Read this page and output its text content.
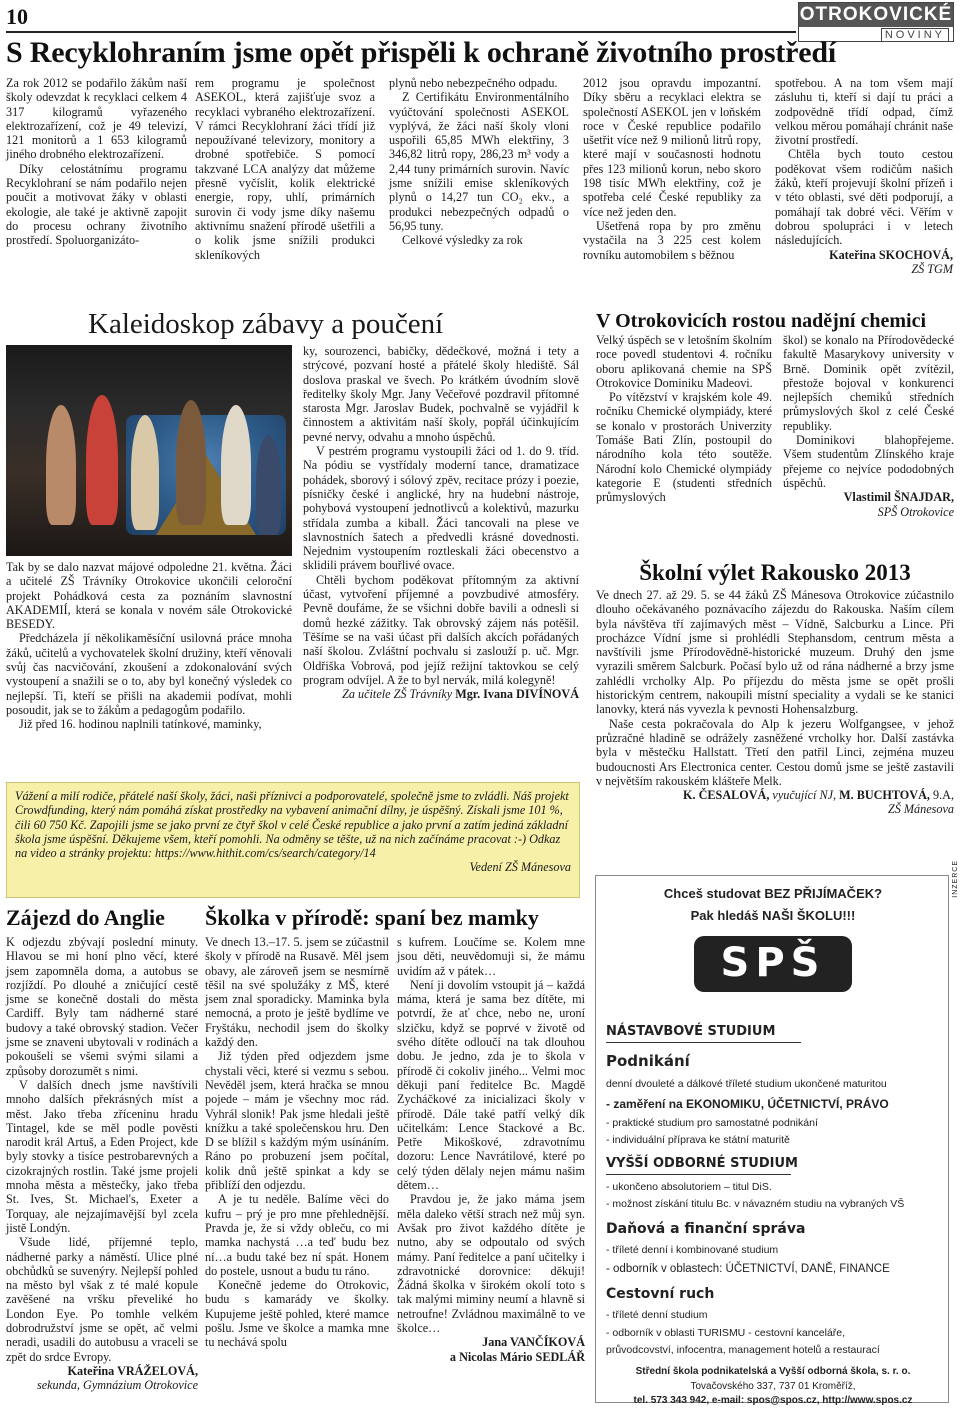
10	OTROKOVICKÉ
NOVINY
S Recyklohraním jsme opět přispěli k ochraně životního prostředí

Za rok 2012 se podařilo žákům naší školy odevzdat k recyklaci celkem 4 317 kilogramů vyřazeného elektrozařízení, což je 49 televizí, 121 monitorů a 1 653 kilogramů jiného drobného elektrozařízení.

Díky celostátnímu programu Recyklohraní se nám podařilo nejen poučit a motivovat žáky v oblasti ekologie, ale také je aktivně zapojit do procesu ochrany životního prostředí. Spoluorganizáto-

rem programu je společnost ASEKOL, která zajišťuje svoz a recyklaci vybraného elektrozařízení. V rámci Recyklohraní žáci třídí již nepoužívané televizory, monitory a drobné spotřebiče. S pomocí takzvané LCA analýzy dat můžeme přesně vyčíslit, kolik elektrické energie, ropy, uhlí, primárních surovin či vody jsme díky našemu aktivnímu snažení přírodě ušetřili a o kolik jsme snížili produkci skleníkových

plynů nebo nebezpečného odpadu.

Z Certifikátu Environmentálního vyúčtování společnosti ASEKOL vyplývá, že žáci naší školy vloni uspořili 65,85 MWh elektřiny, 3 346,82 litrů ropy, 286,23 m³ vody a 2,44 tuny primárních surovin. Navíc jsme snížili emise skleníkových plynů o 14,27 tun CO₂ ekv., a produkci nebezpečných odpadů o 56,95 tuny.

Celkové výsledky za rok

2012 jsou opravdu impozantní. Díky sběru a recyklaci elektra se společností ASEKOL jen v loňském roce v České republice podařilo ušetřit více než 9 milionů litrů ropy, které mají v současnosti hodnotu přes 123 milionů korun, nebo skoro 198 tisíc MWh elektřiny, což je spotřeba celé České republiky za více než jeden den.

Ušetřená ropa by pro změnu vystačila na 3 225 cest kolem rovníku automobilem s běžnou

spotřebou. A na tom všem mají zásluhu ti, kteří si dají tu práci a zodpovědně třídí odpad, čímž velkou měrou pomáhají chránit naše životní prostředí.

Chtěla bych touto cestou poděkovat všem rodičům našich žáků, kteří projevují školní přízeň i v této oblasti, své děti podporují, a pomáhají tak dobré věci. Věřím v dobrou spolupráci i v letech následujících.

Kateřina SKOCHOVÁ,
ZŠ TGM
Kaleidoskop zábavy a poučení

Tak by se dalo nazvat májové odpoledne 21. května. Žáci a učitelé ZŠ Trávníky Otrokovice ukončili celoroční projekt Pohádková cesta za poznáním slavnostní AKADEMIÍ, která se konala v novém sále Otrokovické BESEDY.

Předcházela jí několikaměsíční usilovná práce mnoha žáků, učitelů a vychovatelek školní družiny, kteří věnovali svůj čas nacvičování, zkoušení a zdokonalování svých vystoupení a snažili se o to, aby byl konečný výsledek co nejlepší. Ti, kteří se přišli na akademii podívat, mohli posoudit, jak se to žákům a pedagogům podařilo.

Již před 16. hodinou naplnili tatínkové, maminky,

ky, sourozenci, babičky, dědečkové, možná i tety a strýcové, pozvaní hosté a přátelé školy hlediště. Sál doslova praskal ve švech. Po krátkém úvodním slově ředitelky školy Mgr. Jany Večeřové pozdravil přítomné starosta Mgr. Jaroslav Budek, pochvalně se vyjádřil k činnostem a aktivitám naší školy, popřál účinkujícím pevné nervy, odvahu a mnoho úspěchů.

V pestrém programu vystoupili žáci od 1. do 9. tříd. Na pódiu se vystřídaly moderní tance, dramatizace pohádek, sborový i sólový zpěv, recitace prózy i poezie, písničky české i anglické, hry na hudební nástroje, pohybová vystoupení jednotlivců a kolektivů, mazurku střídala zumba a kiball. Žáci tancovali na plese ve slavnostních šatech a předvedli krásné dovednosti. Nejednim vystoupením roztleskali žáci obecenstvo a sklidili právem bouřlivé ovace.

Chtěli bychom poděkovat přítomným za aktivní účast, vytvoření příjemné a povzbudivé atmosféry. Pevně doufáme, že se všichni dobře bavili a odnesli si domů hezké zážitky. Tak obrovský zájem nás potěšil. Těšíme se na vaši účast při dalších akcích pořádaných naší školou. Zvláštní pochvalu si zaslouží p. uč. Mgr. Oldřiška Vobrová, pod jejíž režijní taktovkou se celý program odvíjel. A že to byl nervák, milá kolegyně!

Za učitele ZŠ Trávníky Mgr. Ivana DIVÍNOVÁ
Vážení a milí rodiče, přátelé naší školy, žáci, naši příznivci a podporovatelé, společně jsme to zvládli. Náš projekt Crowdfunding, který nám pomáhá získat prostředky na vybavení animační dílny, je úspěšný. Získali jsme 101 %, čili 60 750 Kč. Zapojili jsme se jako první ze čtyř škol v celé České republice a jako první a zatím jediná základní škola jsme úspěšní. Děkujeme všem, kteří pomohli. Na odměny se těšte, už na nich začínáme pracovat :-) Odkaz na video a stránky projektu: https://www.hithit.com/cs/search/category/14
Vedení ZŠ Mánesova
V Otrokovicích rostou nadějní chemici

Velký úspěch se v letošním školním roce povedl studentovi 4. ročníku oboru aplikovaná chemie na SPŠ Otrokovice Dominiku Madeovi.

Po vítězství v krajském kole 49. ročníku Chemické olympiády, které se konalo v prostorách Univerzity Tomáše Bati Zlín, postoupil do národního kola této soutěže. Národní kolo Chemické olympiády kategorie E (studenti středních průmyslových

škol) se konalo na Přírodovědecké fakultě Masarykovy university v Brně. Dominik opět zvítězil, přestože bojoval v konkurenci nejlepších chemiků středních průmyslových škol z celé České republiky.

Dominikovi blahopřejeme. Všem studentům Zlínského kraje přejeme co nejvíce pododobných úspěchů.

Vlastimil ŠNAJDAR,
SPŠ Otrokovice
Školní výlet Rakousko 2013

Ve dnech 27. až 29. 5. se 44 žáků ZŠ Mánesova Otrokovice zúčastnilo dlouho očekávaného poznávacího zájezdu do Rakouska. Naším cílem byla návštěva tří zajímavých měst – Vídně, Salcburku a Lince. Při procházce Vídní jsme si prohlédli Stephansdom, centrum města a navštívili jsme Přírodovědně-historické muzeum. Druhý den jsme vyrazili směrem Salcburk. Počasí bylo už od rána nádherné a brzy jsme zahlédli vrcholky Alp. Po příjezdu do města jsme se opět prošli historickým centrem, nakoupili místní speciality a vydali se ke stanici lanovky, která nás vyvezla k pevnosti Hohensalzburg.

Naše cesta pokračovala do Alp k jezeru Wolfgangsee, v jehož průzračné hladině se odrážely zasněžené vrcholky hor. Další zastávka byla v městečku Hallstatt. Třetí den patřil Linci, zejména muzeu budoucnosti Ars Electronica center. Cestou domů jsme se ještě zastavili v největším rakouském klášteře Melk.

K. ČESALOVÁ, vyučující NJ, M. BUCHTOVÁ, 9.A,
ZŠ Mánesova
Zájezd do Anglie

K odjezdu zbývají poslední minuty. Hlavou se mi honí plno věcí, které jsem zapomněla doma, a autobus se rozjíždí. Po dlouhé a zničující cestě jsme se konečně dostali do města Cardiff. Byly tam nádherné staré budovy a také obrovský stadion. Večer jsme se znaveni ubytovali v rodinách a pokoušeli se všemi svými silami a způsoby dorozumět s nimi.

V dalších dnech jsme navštívili mnoho dalších překrásných míst a měst. Jako třeba zříceninu hradu Tintagel, kde se měl podle pověsti narodit král Artuš, a Eden Project, kde byly stovky a tisíce pestrobarevných a cizokrajných rostlin. Také jsme projeli mnoha města a městečky, jako třeba St. Ives, St. Michael's, Exeter a Torquay, ale nejzajímavější byl zcela jistě Londýn.

Všude lidé, příjemné teplo, nádherné parky a náměstí. Ulice plné obchůdků se suvenýry. Nejlepší pohled na město byl však z té malé kopule zavěšené na vršku převeliké ho London Eye. Po tomhle velkém dobrodružství jsme se opět, ač velmi neradi, usadili do autobusu a vraceli se zpět do srdce Evropy.

Kateřina VRÁŽELOVÁ,
sekunda, Gymnázium Otrokovice
Školka v přírodě: spaní bez mamky

Ve dnech 13.–17. 5. jsem se zúčastnil školy v přírodě na Rusavě. Měl jsem obavy, ale zároveň jsem se nesmírně těšil na své spolužáky z MŠ, které jsem znal sporadicky. Maminka byla nemocná, a proto je ještě bydlíme ve Fryštáku, nechodil jsem do školky každý den.

Již týden před odjezdem jsme chystali věci, které si vezmu s sebou. Nevěděl jsem, která hračka se mnou pojede – mám je všechny moc rád. Vyhrál slonik! Pak jsme hledali ještě knížku a také společenskou hru. Den D se blížil s každým mým usínáním. Ráno po probuzení jsem počítal, kolik dnů ještě spinkat a kdy se přiblíží den odjezdu.

A je tu neděle. Balíme věci do kufru – prý je pro mne přehlednější. Pravda je, že si vždy obleču, co mi mamka nachystá …a teď budu bez ní…a budu také bez ní spát. Honem do postele, usnout a budu tu ráno.

Konečně jedeme do Otrokovic, budu s kamarády ve školky. Kupujeme ještě pohled, které mamce pošlu. Jsme ve školce a mamka mne tu nechává spolu

s kufrem. Loučíme se. Kolem mne jsou děti, neuvědomuji si, že mámu uvidím až v pátek…

Není ji dovolím vstoupit já – každá máma, která je sama bez dítěte, mi potvrdí, že ať chce, nebo ne, uroní slzičku, když se poprvé v životě od svého dítěte odloučí na tak dlouhou dobu. Je jedno, zda je to škola v přírodě či cokoliv jiného... Velmi moc děkuji paní ředitelce Bc. Magdě Zycháčkové za inicializaci školy v přírodě. Dále také patří velký dík učitelkám: Lence Stackové a Bc. Petře Mikoškové, zdravotnímu dozoru: Lence Navrátilové, které po celý týden dělaly nejen mámu našim dětem…

Pravdou je, že jako máma jsem měla daleko větší strach než můj syn. Avšak pro život každého dítěte je nutno, aby se odpoutalo od svých mámy. Paní ředitelce a paní učitelky i zdravotnické dorovnice: děkuji! Žádná školka v širokém okolí toto s tak malými miminy neumí a hlavně si netroufne! Zvládnou maximálně to ve školce…

Jana VANČÍKOVÁ
a Nicolas Mário SEDLÁŘ
Chceš studovat BEZ PŘIJÍMAČEK?
Pak hledáš NAŠI ŠKOLU!!!
SPŠ
NÁSTAVBOVÉ STUDIUM
Podnikání
denní dvouleté a dálkové tříleté studium ukončené maturitou
- zaměření na EKONOMIKU, ÚČETNICTVÍ, PRÁVO
- praktické studium pro samostatné podnikání
- individuální příprava ke státní maturitě
VYŠŠÍ ODBORNÉ STUDIUM
- ukončeno absolutoriem – titul DiS.
- možnost získání titulu Bc. v návazném studiu na vybraných VŠ
Daňová a finanční správa
- tříleté denní i kombinované studium
- odborník v oblastech: ÚČETNICTVÍ, DANĚ, FINANCE
Cestovní ruch
- tříleté denní studium
- odborník v oblasti TURISMU - cestovní kanceláře,
průvodcovství, infocentra, management hotelů a restaurací
Střední škola podnikatelská a Vyšší odborná škola, s. r. o.
Tovačovského 337, 737 01 Kroměříž,
tel. 573 343 942, e-mail: spos@spos.cz, http://www.spos.cz
INZERCE
